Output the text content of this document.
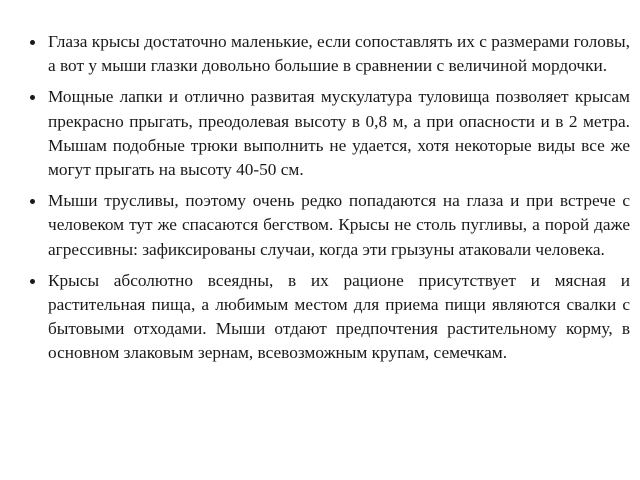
Глаза крысы достаточно маленькие, если сопоставлять их с размерами головы, а вот у мыши глазки довольно большие в сравнении с величиной мордочки.
Мощные лапки и отлично развитая мускулатура туловища позволяет крысам прекрасно прыгать, преодолевая высоту в 0,8 м, а при опасности и в 2 метра. Мышам подобные трюки выполнить не удается, хотя некоторые виды все же могут прыгать на высоту 40-50 см.
Мыши трусливы, поэтому очень редко попадаются на глаза и при встрече с человеком тут же спасаются бегством. Крысы не столь пугливы, а порой даже агрессивны: зафиксированы случаи, когда эти грызуны атаковали человека.
Крысы абсолютно всеядны, в их рационе присутствует и мясная и растительная пища, а любимым местом для приема пищи являются свалки с бытовыми отходами. Мыши отдают предпочтения растительному корму, в основном злаковым зернам, всевозможным крупам, семечкам.
